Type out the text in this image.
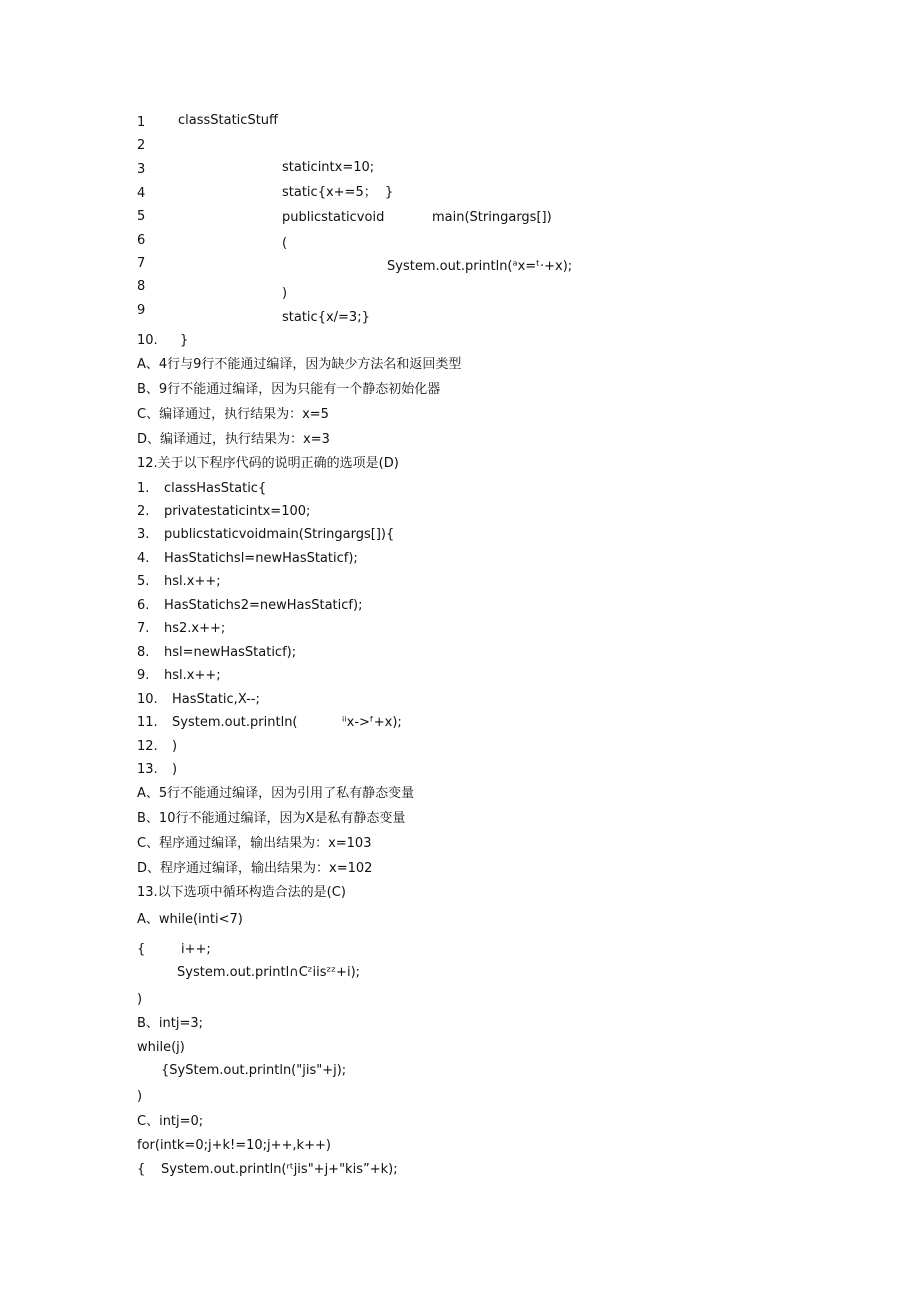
1	classStaticStuff
2
3	staticintx=10;
4	static{x+=5；  }
5	publicstaticvoid	main(Stringargs[])
6	(
7	System.out.println(ᵃx=ᵗ·+x);
8	)
9	static{x/=3;}
10. }
A、4行与9行不能通过编译，因为缺少方法名和返回类型
B、9行不能通过编译，因为只能有一个静态初始化器
C、编译通过，执行结果为：x=5
D、编译通过，执行结果为：x=3
12.关于以下程序代码的说明正确的选项是(D)
1. classHasStatic{
2. privatestaticintx=100;
3. publicstaticvoidmain(Stringargs[]){
4. HasStatichsl=newHasStaticf);
5. hsl.x++;
6. HasStatichs2=newHasStaticf);
7. hs2.x++;
8. hsl=newHasStaticf);
9. hsl.x++;
10. HasStatic,X--;
11. System.out.println(	ⁱⁱx->ᶠ+x);
12. )
13. )
A、5行不能通过编译，因为引用了私有静态变量
B、10行不能通过编译，因为X是私有静态变量
C、程序通过编译，输出结果为：x=103
D、程序通过编译，输出结果为：x=102
13.以下选项中循环构造合法的是(C)
A、while(inti<7)
{	i++;
System.out.printl∩Cᶻiisᶻᶻ+i);
)
B、intj=3;
while(j)
{SyStem.out.println("jis"+j);
)
C、intj=0;
for(intk=0;j+k!=10;j++,k++)
{ System.out.println(ʳᵗjis"+j+"kis”+k);
